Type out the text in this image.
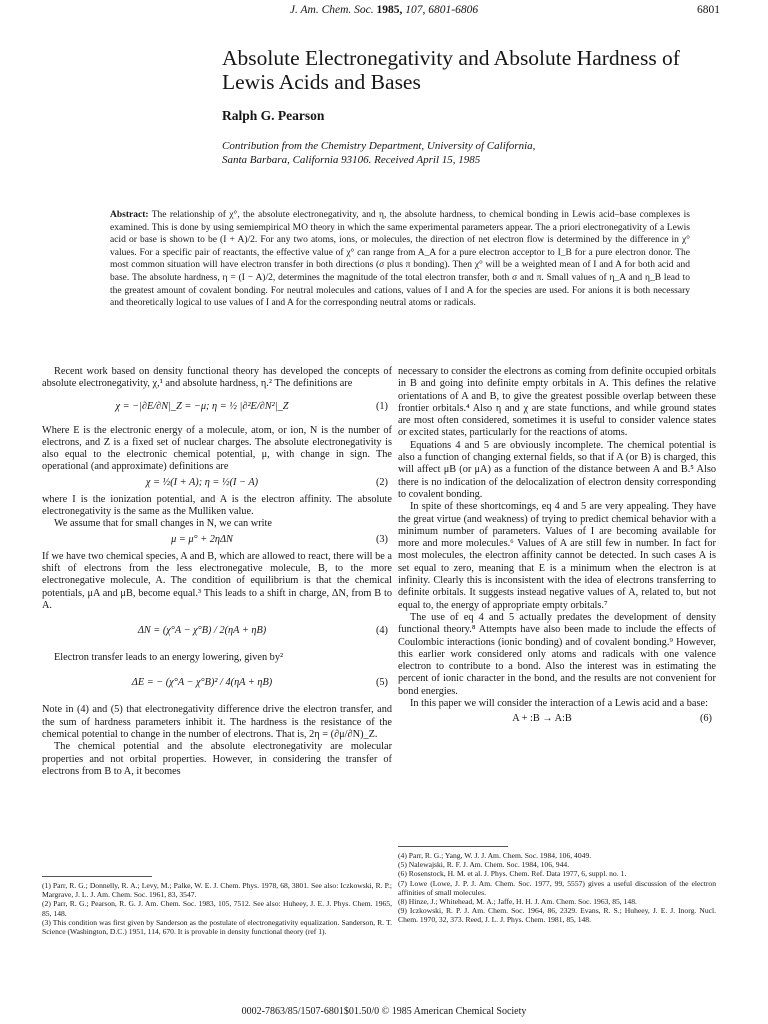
J. Am. Chem. Soc. 1985, 107, 6801-6806	6801
Absolute Electronegativity and Absolute Hardness of Lewis Acids and Bases
Ralph G. Pearson
Contribution from the Chemistry Department, University of California,
Santa Barbara, California 93106. Received April 15, 1985
Abstract: The relationship of χ°, the absolute electronegativity, and η, the absolute hardness, to chemical bonding in Lewis acid–base complexes is examined. This is done by using semiempirical MO theory in which the same experimental parameters appear. The a priori electronegativity of a Lewis acid or base is shown to be (I + A)/2. For any two atoms, ions, or molecules, the direction of net electron flow is determined by the difference in χ° values. For a specific pair of reactants, the effective value of χ° can range from A_A for a pure electron acceptor to I_B for a pure electron donor. The most common situation will have electron transfer in both directions (σ plus π bonding). Then χ° will be a weighted mean of I and A for both acid and base. The absolute hardness, η = (I − A)/2, determines the magnitude of the total electron transfer, both σ and π. Small values of η_A and η_B lead to the greatest amount of covalent bonding. For neutral molecules and cations, values of I and A for the species are used. For anions it is both necessary and theoretically logical to use values of I and A for the corresponding neutral atoms or radicals.

Recent work based on density functional theory has developed the concepts of absolute electronegativity, χ,¹ and absolute hardness, η.² The definitions are

χ = −|∂E/∂N|_Z = −μ; η = ½ |∂²E/∂N²|_Z	(1)

Where E is the electronic energy of a molecule, atom, or ion, N is the number of electrons, and Z is a fixed set of nuclear charges. The absolute electronegativity is also equal to the electronic chemical potential, μ, with change in sign. The operational (and approximate) definitions are

χ = ½(I + A); η = ½(I − A)	(2)

where I is the ionization potential, and A is the electron affinity. The absolute electronegativity is the same as the Mulliken value.

We assume that for small changes in N, we can write

μ = μ° + 2ηΔN	(3)

If we have two chemical species, A and B, which are allowed to react, there will be a shift of electrons from the less electronegative molecule, B, to the more electronegative molecule, A. The condition of equilibrium is that the chemical potentials, μA and μB, become equal.³ This leads to a shift in charge, ΔN, from B to A.

ΔN = (χ°A − χ°B) / 2(ηA + ηB)	(4)

Electron transfer leads to an energy lowering, given by²

ΔE = − (χ°A − χ°B)² / 4(ηA + ηB)	(5)

Note in (4) and (5) that electronegativity difference drive the electron transfer, and the sum of hardness parameters inhibit it. The hardness is the resistance of the chemical potential to change in the number of electrons. That is, 2η = (∂μ/∂N)_Z.

The chemical potential and the absolute electronegativity are molecular properties and not orbital properties. However, in considering the transfer of electrons from B to A, it becomes

necessary to consider the electrons as coming from definite occupied orbitals in B and going into definite empty orbitals in A. This defines the relative orientations of A and B, to give the greatest possible overlap between these frontier orbitals.⁴ Also η and χ are state functions, and while ground states are most often considered, sometimes it is useful to consider valence states or excited states, particularly for the reactions of atoms.

Equations 4 and 5 are obviously incomplete. The chemical potential is also a function of changing external fields, so that if A (or B) is charged, this will affect μB (or μA) as a function of the distance between A and B.⁵ Also there is no indication of the delocalization of electron density corresponding to covalent bonding.

In spite of these shortcomings, eq 4 and 5 are very appealing. They have the great virtue (and weakness) of trying to predict chemical behavior with a minimum number of parameters. Values of I are becoming available for more and more molecules.⁶ Values of A are still few in number. In fact for most molecules, the electron affinity cannot be detected. In such cases A is set equal to zero, meaning that E is a minimum when the electron is at infinity. Clearly this is inconsistent with the idea of electrons transferring to definite orbitals. It suggests instead negative values of A, related to, but not equal to, the energy of appropriate empty orbitals.⁷

The use of eq 4 and 5 actually predates the development of density functional theory.⁸ Attempts have also been made to include the effects of Coulombic interactions (ionic bonding) and of covalent bonding.⁹ However, this earlier work considered only atoms and radicals with one valence electron to contribute to a bond. Also the interest was in estimating the percent of ionic character in the bond, and the results are not convenient for bond energies.

In this paper we will consider the interaction of a Lewis acid and a base:

A + :B → A:B	(6)
(1) Parr, R. G.; Donnelly, R. A.; Levy, M.; Palke, W. E. J. Chem. Phys. 1978, 68, 3801. See also: Iczkowski, R. P.; Margrave, J. L. J. Am. Chem. Soc. 1961, 83, 3547.
(2) Parr, R. G.; Pearson, R. G. J. Am. Chem. Soc. 1983, 105, 7512. See also: Huheey, J. E. J. Phys. Chem. 1965, 85, 148.
(3) This condition was first given by Sanderson as the postulate of electronegativity equalization. Sanderson, R. T. Science (Washington, D.C.) 1951, 114, 670. It is provable in density functional theory (ref 1).
(4) Parr, R. G.; Yang, W. J. J. Am. Chem. Soc. 1984, 106, 4049.
(5) Nalewajski, R. F. J. Am. Chem. Soc. 1984, 106, 944.
(6) Rosenstock, H. M. et al. J. Phys. Chem. Ref. Data 1977, 6, suppl. no. 1.
(7) Lowe (Lowe, J. P. J. Am. Chem. Soc. 1977, 99, 5557) gives a useful discussion of the electron affinities of small molecules.
(8) Hinze, J.; Whitehead, M. A.; Jaffe, H. H. J. Am. Chem. Soc. 1963, 85, 148.
(9) Iczkowski, R. P. J. Am. Chem. Soc. 1964, 86, 2329. Evans, R. S.; Huheey, J. E. J. Inorg. Nucl. Chem. 1970, 32, 373. Reed, J. L. J. Phys. Chem. 1981, 85, 148.
0002-7863/85/1507-6801$01.50/0 © 1985 American Chemical Society
